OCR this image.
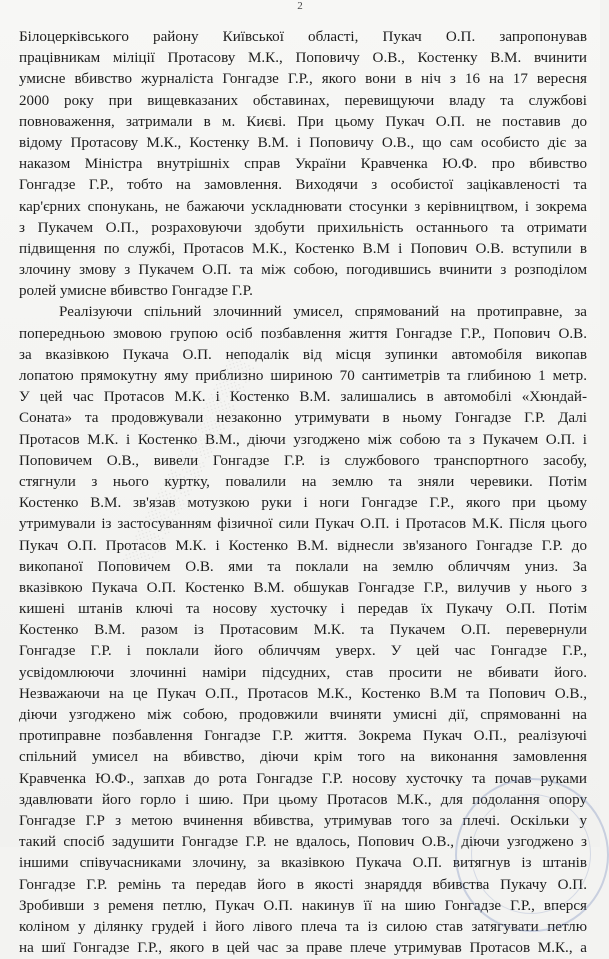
2
Білоцерківського району Київської області, Пукач О.П. запропонував
працівникам міліції Протасову М.К., Поповичу О.В., Костенку В.М. вчинити
умисне вбивство журналіста Гонгадзе Г.Р., якого вони в ніч з 16 на 17 вересня
2000 року при вищевказаних обставинах, перевищуючи владу та службові
повноваження, затримали в м. Києві. При цьому Пукач О.П. не поставив до
відому Протасову М.К., Костенку В.М. і Поповичу О.В., що сам особисто діє за
наказом Міністра внутрішніх справ України Кравченка Ю.Ф. про вбивство
Гонгадзе Г.Р., тобто на замовлення. Виходячи з особистої зацікавленості та
кар'єрних спонукань, не бажаючи ускладнювати стосунки з керівництвом, і зокрема
з Пукачем О.П., розраховуючи здобути прихильність останнього та отримати
підвищення по службі, Протасов М.К., Костенко В.М і Попович О.В. вступили в
злочину змову з Пукачем О.П. та між собою, погодившись вчинити з розподілом
ролей умисне вбивство Гонгадзе Г.Р.
Реалізуючи спільний злочинний умисел, спрямований на протиправне, за
попередньою змовою групою осіб позбавлення життя Гонгадзе Г.Р., Попович О.В.
за вказівкою Пукача О.П. неподалік від місця зупинки автомобіля викопав
лопатою прямокутну яму приблизно шириною 70 сантиметрів та глибиною 1 метр.
У цей час Протасов М.К. і Костенко В.М. залишались в автомобілі «Хюндай-
Соната» та продовжували незаконно утримувати в ньому Гонгадзе Г.Р. Далі
Протасов М.К. і Костенко В.М., діючи узгоджено між собою та з Пукачем О.П. і
Поповичем О.В., вивели Гонгадзе Г.Р. із службового транспортного засобу,
стягнули з нього куртку, повалили на землю та зняли черевики. Потім
Костенко В.М. зв'язав мотузкою руки і ноги Гонгадзе Г.Р., якого при цьому
утримували із застосуванням фізичної сили Пукач О.П. і Протасов М.К. Після цього
Пукач О.П. Протасов М.К. і Костенко В.М. віднесли зв'язаного Гонгадзе Г.Р. до
викопаної Поповичем О.В. ями та поклали на землю обличчям униз. За
вказівкою Пукача О.П. Костенко В.М. обшукав Гонгадзе Г.Р., вилучив у нього з
кишені штанів ключі та носову хусточку і передав їх Пукачу О.П. Потім
Костенко В.М. разом із Протасовим М.К. та Пукачем О.П. перевернули
Гонгадзе Г.Р. і поклали його обличчям уверх. У цей час Гонгадзе Г.Р.,
усвідомлюючи злочинні наміри підсудних, став просити не вбивати його.
Незважаючи на це Пукач О.П., Протасов М.К., Костенко В.М та Попович О.В.,
діючи узгоджено між собою, продовжили вчиняти умисні дії, спрямованні на
протиправне позбавлення Гонгадзе Г.Р. життя. Зокрема Пукач О.П., реалізуючі
спільний умисел на вбивство, діючи крім того на виконання замовлення
Кравченка Ю.Ф., запхав до рота Гонгадзе Г.Р. носову хусточку та почав руками
здавлювати його горло і шию. При цьому Протасов М.К., для подолання опору
Гонгадзе Г.Р з метою вчинення вбивства, утримував того за плечі. Оскільки у
такий спосіб задушити Гонгадзе Г.Р. не вдалось, Попович О.В., діючи узгоджено з
іншими співучасниками злочину, за вказівкою Пукача О.П. витягнув із штанів
Гонгадзе Г.Р. ремінь та передав його в якості знаряддя вбивства Пукачу О.П.
Зробивши з ременя петлю, Пукач О.П. накинув її на шию Гонгадзе Г.Р., вперся
коліном у ділянку грудей і його лівого плеча та із силою став затягувати петлю
на шиї Гонгадзе Г.Р., якого в цей час за праве плече утримував Протасов М.К., а
░░░░░░░░░░░
